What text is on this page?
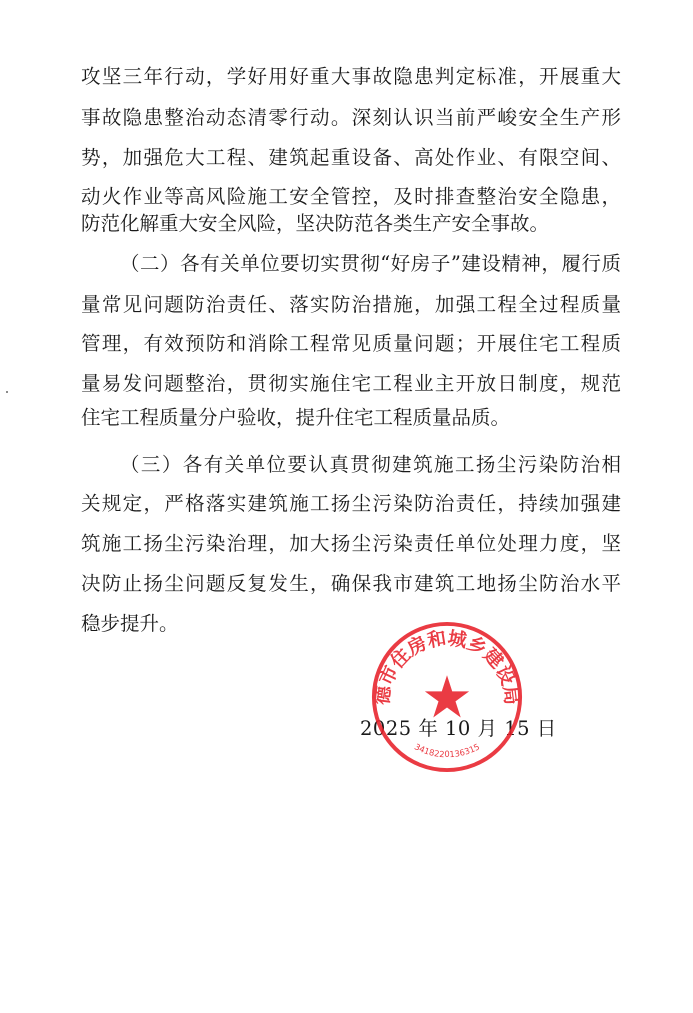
攻坚三年行动，学好用好重大事故隐患判定标准，开展重大
事故隐患整治动态清零行动。深刻认识当前严峻安全生产形
势，加强危大工程、建筑起重设备、高处作业、有限空间、
动火作业等高风险施工安全管控，及时排查整治安全隐患，
防范化解重大安全风险，坚决防范各类生产安全事故。
（二）各有关单位要切实贯彻“好房子”建设精神，履行质
量常见问题防治责任、落实防治措施，加强工程全过程质量
管理，有效预防和消除工程常见质量问题；开展住宅工程质
量易发问题整治，贯彻实施住宅工程业主开放日制度，规范
住宅工程质量分户验收，提升住宅工程质量品质。
（三）各有关单位要认真贯彻建筑施工扬尘污染防治相
关规定，严格落实建筑施工扬尘污染防治责任，持续加强建
筑施工扬尘污染治理，加大扬尘污染责任单位处理力度，坚
决防止扬尘问题反复发生，确保我市建筑工地扬尘防治水平
稳步提升。
2025 年 10 月 15 日
德市住房和城乡建设局
3418220136315
